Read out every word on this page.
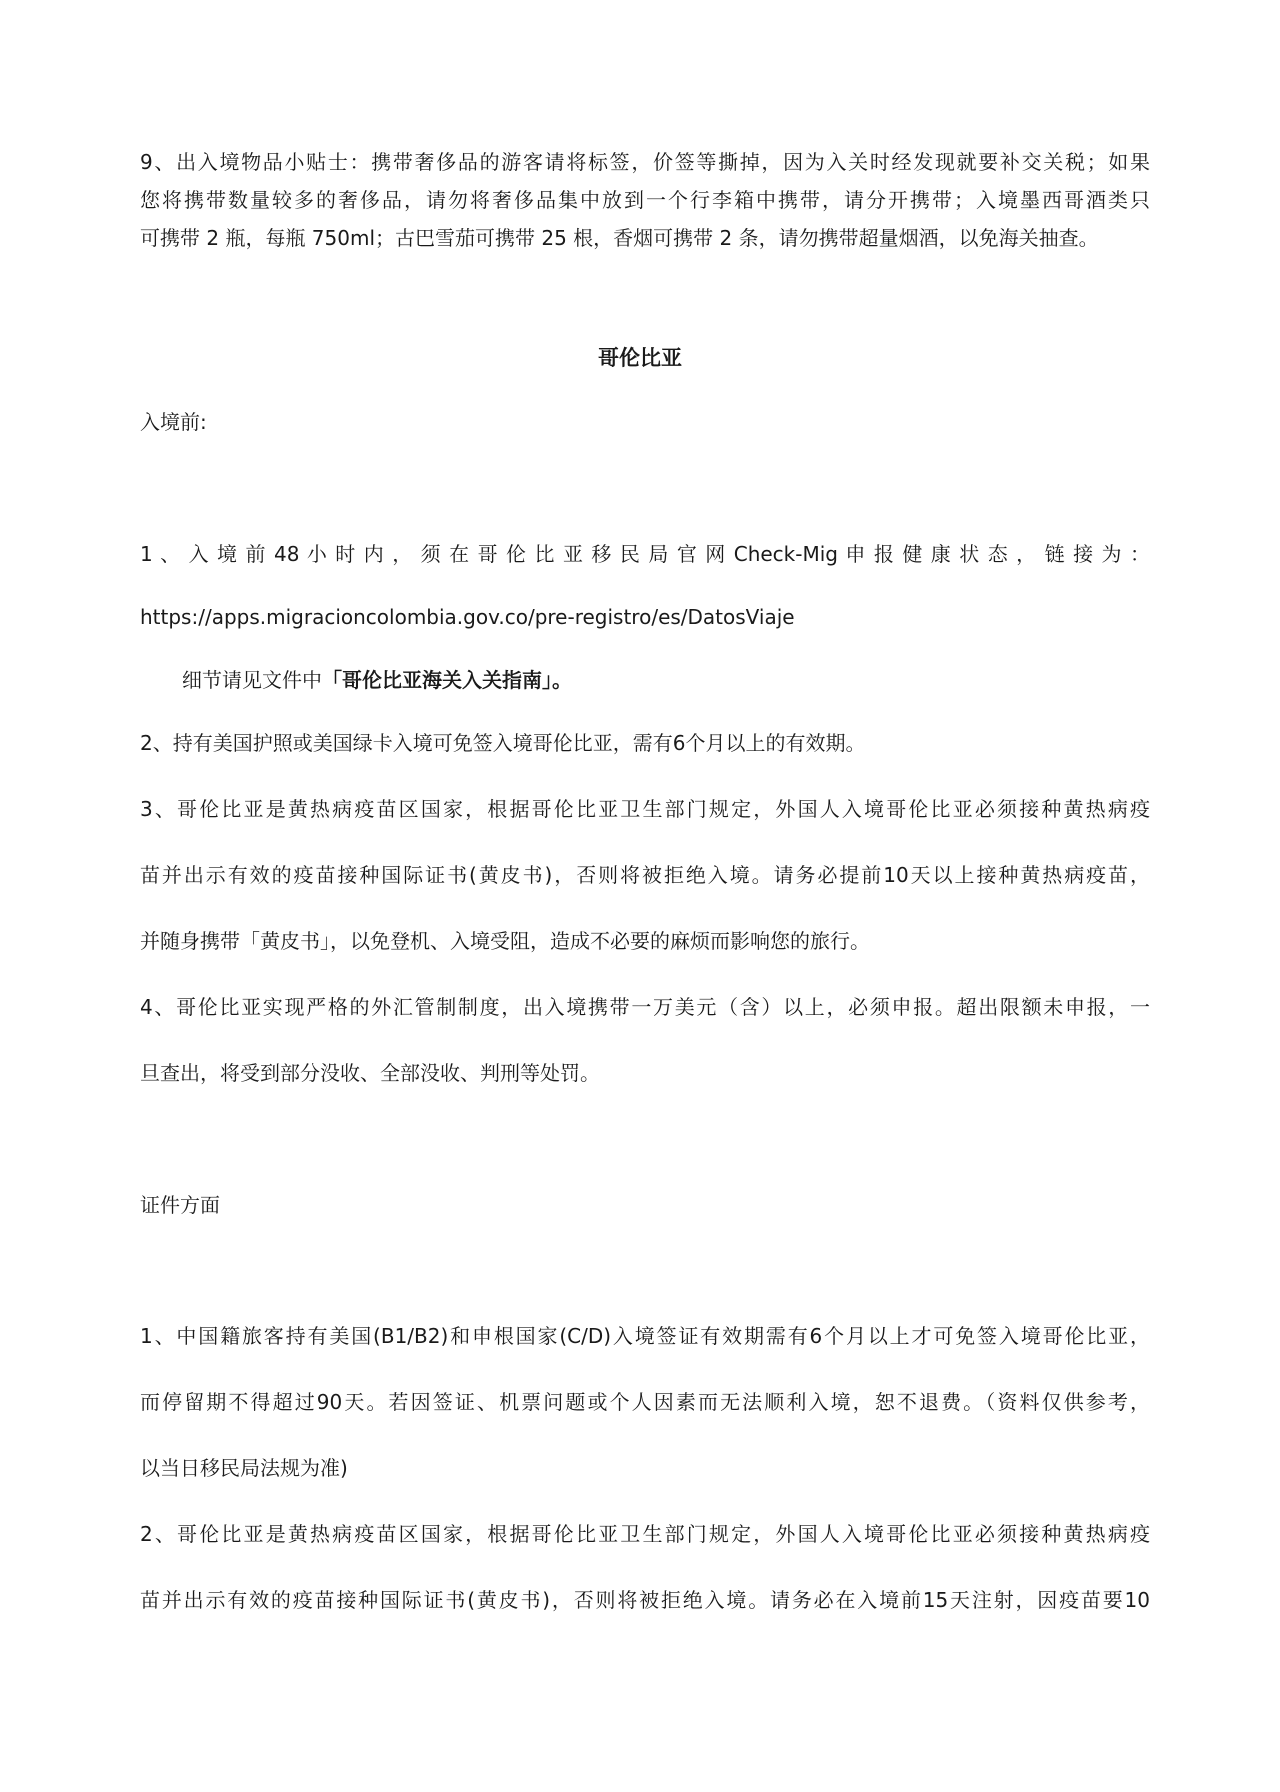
9、出入境物品小贴士：携带奢侈品的游客请将标签，价签等撕掉，因为入关时经发现就要补交关税；如果
您将携带数量较多的奢侈品，请勿将奢侈品集中放到一个行李箱中携带，请分开携带；入境墨西哥酒类只
可携带 2 瓶，每瓶 750ml；古巴雪茄可携带 25 根，香烟可携带 2 条，请勿携带超量烟酒，以免海关抽查。
哥伦比亚
入境前:
1 、 入 境 前 48 小 时 内 ， 须 在 哥 伦 比 亚 移 民 局 官 网 Check-Mig 申 报 健 康 状 态 ， 链 接 为 ：
https://apps.migracioncolombia.gov.co/pre-registro/es/DatosViaje
细节请见文件中「哥伦比亚海关入关指南」。
2、持有美国护照或美国绿卡入境可免签入境哥伦比亚，需有6个月以上的有效期。
3、哥伦比亚是黄热病疫苗区国家，根据哥伦比亚卫生部门规定，外国人入境哥伦比亚必须接种黄热病疫
苗并出示有效的疫苗接种国际证书(黄皮书)，否则将被拒绝入境。请务必提前10天以上接种黄热病疫苗，
并随身携带「黄皮书」，以免登机、入境受阻，造成不必要的麻烦而影响您的旅行。
4、哥伦比亚实现严格的外汇管制制度，出入境携带一万美元（含）以上，必须申报。超出限额未申报，一
旦查出，将受到部分没收、全部没收、判刑等处罚。
证件方面
1、中国籍旅客持有美国(B1/B2)和申根国家(C/D)入境签证有效期需有6个月以上才可免签入境哥伦比亚，
而停留期不得超过90天。若因签证、机票问题或个人因素而无法顺利入境，恕不退费。（资料仅供参考，
以当日移民局法规为准)
2、哥伦比亚是黄热病疫苗区国家，根据哥伦比亚卫生部门规定，外国人入境哥伦比亚必须接种黄热病疫
苗并出示有效的疫苗接种国际证书(黄皮书)，否则将被拒绝入境。请务必在入境前15天注射，因疫苗要10
